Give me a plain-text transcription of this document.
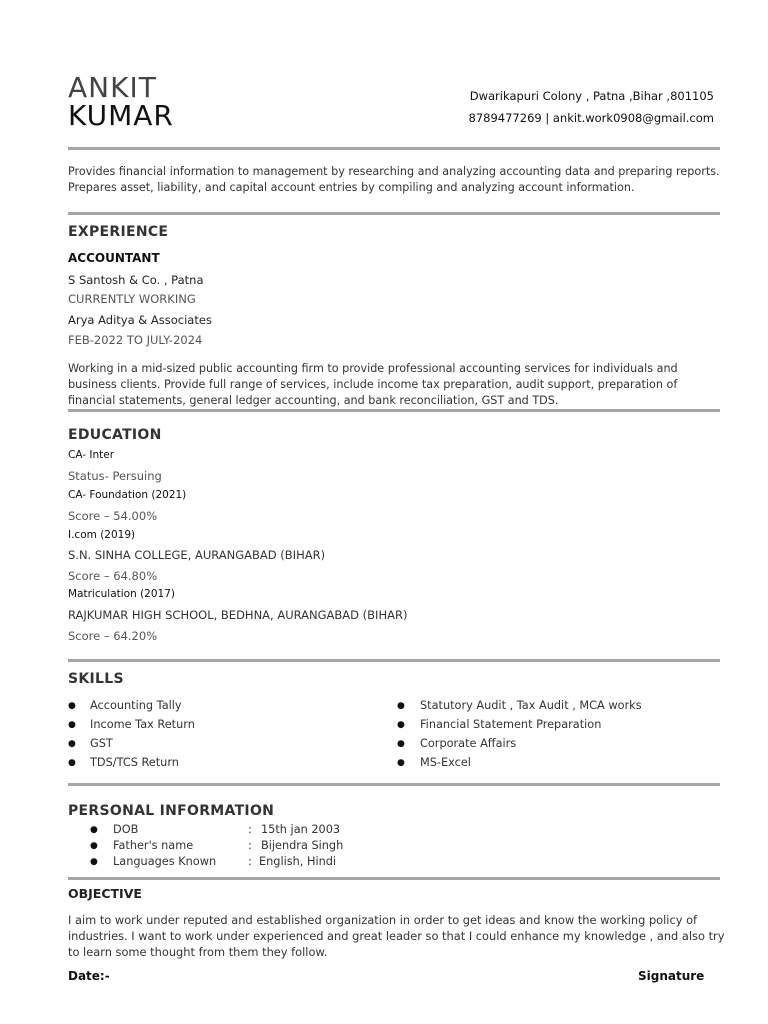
ANKIT
KUMAR
Dwarikapuri Colony , Patna ,Bihar ,801105
8789477269 | ankit.work0908@gmail.com
Provides financial information to management by researching and analyzing accounting data and preparing reports. Prepares asset, liability, and capital account entries by compiling and analyzing account information.
EXPERIENCE
ACCOUNTANT
S Santosh & Co. , Patna
CURRENTLY WORKING
Arya Aditya & Associates
FEB-2022 TO JULY-2024
Working in a mid-sized public accounting firm to provide professional accounting services for individuals and business clients. Provide full range of services, include income tax preparation, audit support, preparation of financial statements, general ledger accounting, and bank reconciliation, GST and TDS.
EDUCATION
CA- Inter
Status- Persuing
CA- Foundation (2021)
Score – 54.00%
I.com (2019)
S.N. SINHA COLLEGE, AURANGABAD (BIHAR)
Score – 64.80%
Matriculation (2017)
RAJKUMAR HIGH SCHOOL, BEDHNA, AURANGABAD (BIHAR)
Score – 64.20%
SKILLS
● Accounting Tally
● Income Tax Return
● GST
● TDS/TCS Return
● Statutory Audit , Tax Audit , MCA works
● Financial Statement Preparation
● Corporate Affairs
● MS-Excel
PERSONAL INFORMATION
● DOB	: 15th jan 2003
● Father's name	: Bijendra Singh
● Languages Known	: English, Hindi
OBJECTIVE
I aim to work under reputed and established organization in order to get ideas and know the working policy of industries. I want to work under experienced and great leader so that I could enhance my knowledge , and also try to learn some thought from them they follow.
Date:-	Signature
